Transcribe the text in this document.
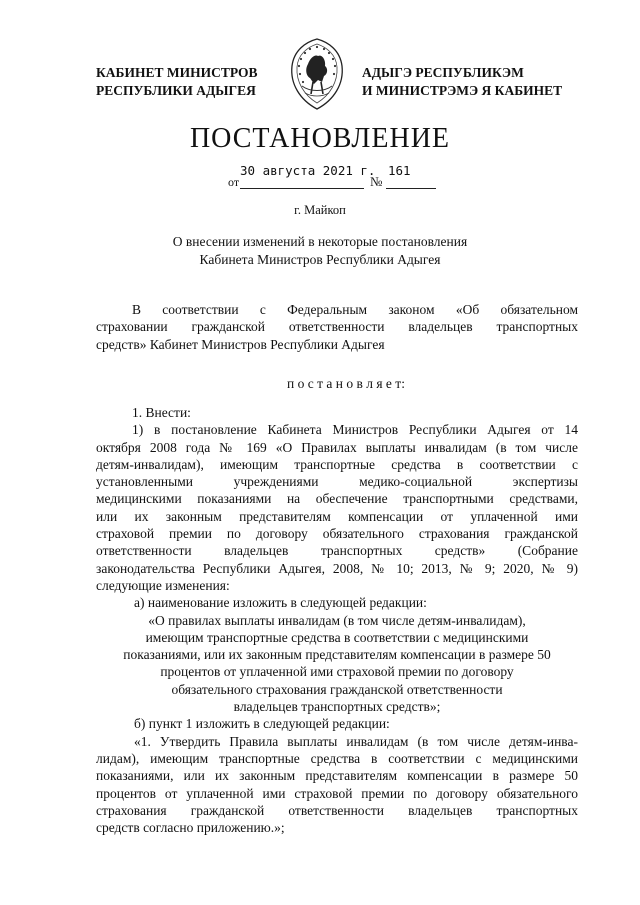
КАБИНЕТ МИНИСТРОВ
РЕСПУБЛИКИ АДЫГЕЯ
АДЫГЭ РЕСПУБЛИКЭМ
И МИНИСТРЭМЭ Я КАБИНЕТ
ПОСТАНОВЛЕНИЕ
от
30 августа 2021 г.
№
161
г. Майкоп
О внесении изменений в некоторые постановления
Кабинета Министров Республики Адыгея
В соответствии с Федеральным законом «Об обязательном
страховании гражданской ответственности владельцев транспортных
средств» Кабинет Министров Республики Адыгея
п о с т а н о в л я е т:
1. Внести:
1) в постановление Кабинета Министров Республики Адыгея от 14
октября 2008 года № 169 «О Правилах выплаты инвалидам (в том числе
детям-инвалидам), имеющим транспортные средства в соответствии с
установленными учреждениями медико-социальной экспертизы
медицинскими показаниями на обеспечение транспортными средствами,
или их законным представителям компенсации от уплаченной ими
страховой премии по договору обязательного страхования гражданской
ответственности владельцев транспортных средств» (Собрание
законодательства Республики Адыгея, 2008, № 10; 2013, № 9; 2020, № 9)
следующие изменения:
а) наименование изложить в следующей редакции:
«О правилах выплаты инвалидам (в том числе детям-инвалидам),
имеющим транспортные средства в соответствии с медицинскими
показаниями, или их законным представителям компенсации в размере 50
процентов от уплаченной ими страховой премии по договору
обязательного страхования гражданской ответственности
владельцев транспортных средств»;
б) пункт 1 изложить в следующей редакции:
«1. Утвердить Правила выплаты инвалидам (в том числе детям-инва-
лидам), имеющим транспортные средства в соответствии с медицинскими
показаниями, или их законным представителям компенсации в размере 50
процентов от уплаченной ими страховой премии по договору обязательного
страхования гражданской ответственности владельцев транспортных
средств согласно приложению.»;
